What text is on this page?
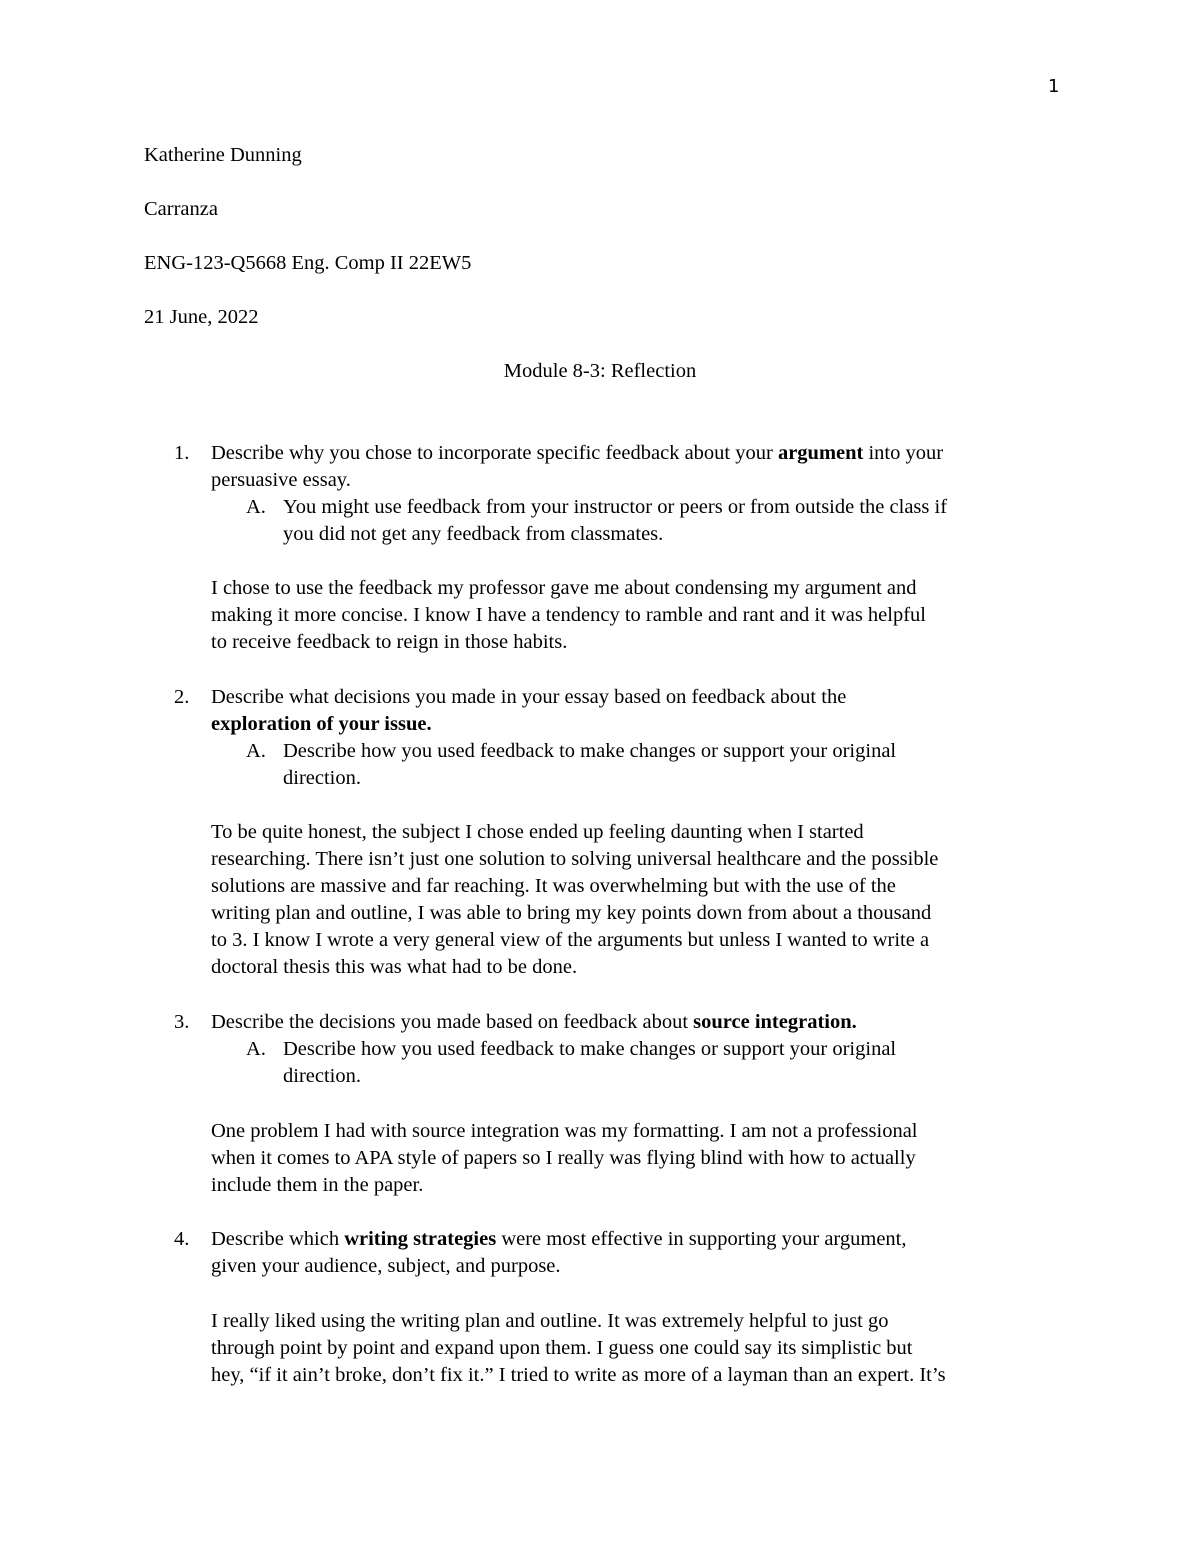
1
Katherine Dunning
Carranza
ENG-123-Q5668 Eng. Comp II 22EW5
21 June, 2022
Module 8-3: Reflection
1. Describe why you chose to incorporate specific feedback about your argument into your
persuasive essay.
A. You might use feedback from your instructor or peers or from outside the class if
you did not get any feedback from classmates.
I chose to use the feedback my professor gave me about condensing my argument and
making it more concise. I know I have a tendency to ramble and rant and it was helpful
to receive feedback to reign in those habits.
2. Describe what decisions you made in your essay based on feedback about the
exploration of your issue.
A. Describe how you used feedback to make changes or support your original
direction.
To be quite honest, the subject I chose ended up feeling daunting when I started
researching. There isn’t just one solution to solving universal healthcare and the possible
solutions are massive and far reaching. It was overwhelming but with the use of the
writing plan and outline, I was able to bring my key points down from about a thousand
to 3. I know I wrote a very general view of the arguments but unless I wanted to write a
doctoral thesis this was what had to be done.
3. Describe the decisions you made based on feedback about source integration.
A. Describe how you used feedback to make changes or support your original
direction.
One problem I had with source integration was my formatting. I am not a professional
when it comes to APA style of papers so I really was flying blind with how to actually
include them in the paper.
4. Describe which writing strategies were most effective in supporting your argument,
given your audience, subject, and purpose.
I really liked using the writing plan and outline. It was extremely helpful to just go
through point by point and expand upon them. I guess one could say its simplistic but
hey, “if it ain’t broke, don’t fix it.” I tried to write as more of a layman than an expert. It’s
